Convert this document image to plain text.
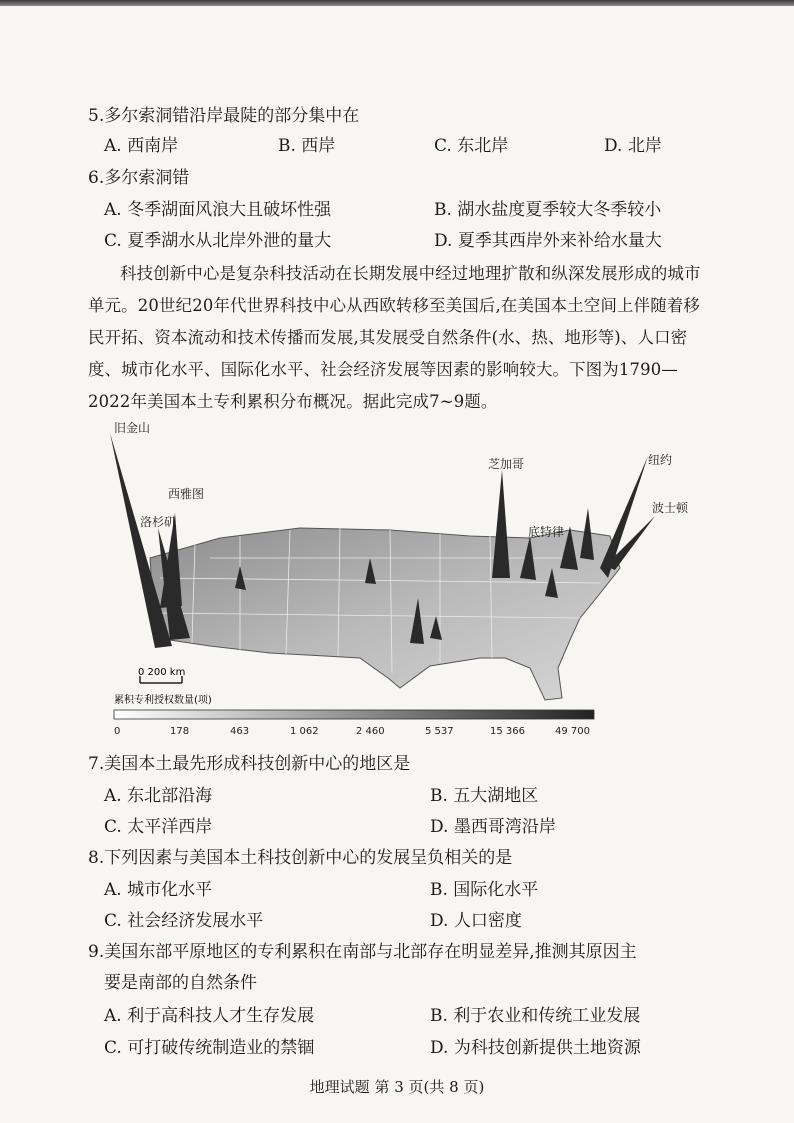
5.多尔索洞错沿岸最陡的部分集中在
A. 西南岸	B. 西岸	C. 东北岸	D. 北岸
6.多尔索洞错
A. 冬季湖面风浪大且破坏性强	B. 湖水盐度夏季较大冬季较小
C. 夏季湖水从北岸外泄的量大	D. 夏季其西岸外来补给水量大
科技创新中心是复杂科技活动在长期发展中经过地理扩散和纵深发展形成的城市单元。20世纪20年代世界科技中心从西欧转移至美国后,在美国本土空间上伴随着移民开拓、资本流动和技术传播而发展,其发展受自然条件(水、热、地形等)、人口密度、城市化水平、国际化水平、社会经济发展等因素的影响较大。下图为1790—2022年美国本土专利累积分布概况。据此完成7~9题。
旧金山
西雅图
洛杉矶
芝加哥
底特律
纽约
波士顿
0 200 km
累积专利授权数量(项)
0	178	463	1 062	2 460	5 537	15 366	49 700
7.美国本土最先形成科技创新中心的地区是
A. 东北部沿海	B. 五大湖地区
C. 太平洋西岸	D. 墨西哥湾沿岸
8.下列因素与美国本土科技创新中心的发展呈负相关的是
A. 城市化水平	B. 国际化水平
C. 社会经济发展水平	D. 人口密度
9.美国东部平原地区的专利累积在南部与北部存在明显差异,推测其原因主
要是南部的自然条件
A. 利于高科技人才生存发展	B. 利于农业和传统工业发展
C. 可打破传统制造业的禁锢	D. 为科技创新提供土地资源
地理试题 第 3 页(共 8 页)
